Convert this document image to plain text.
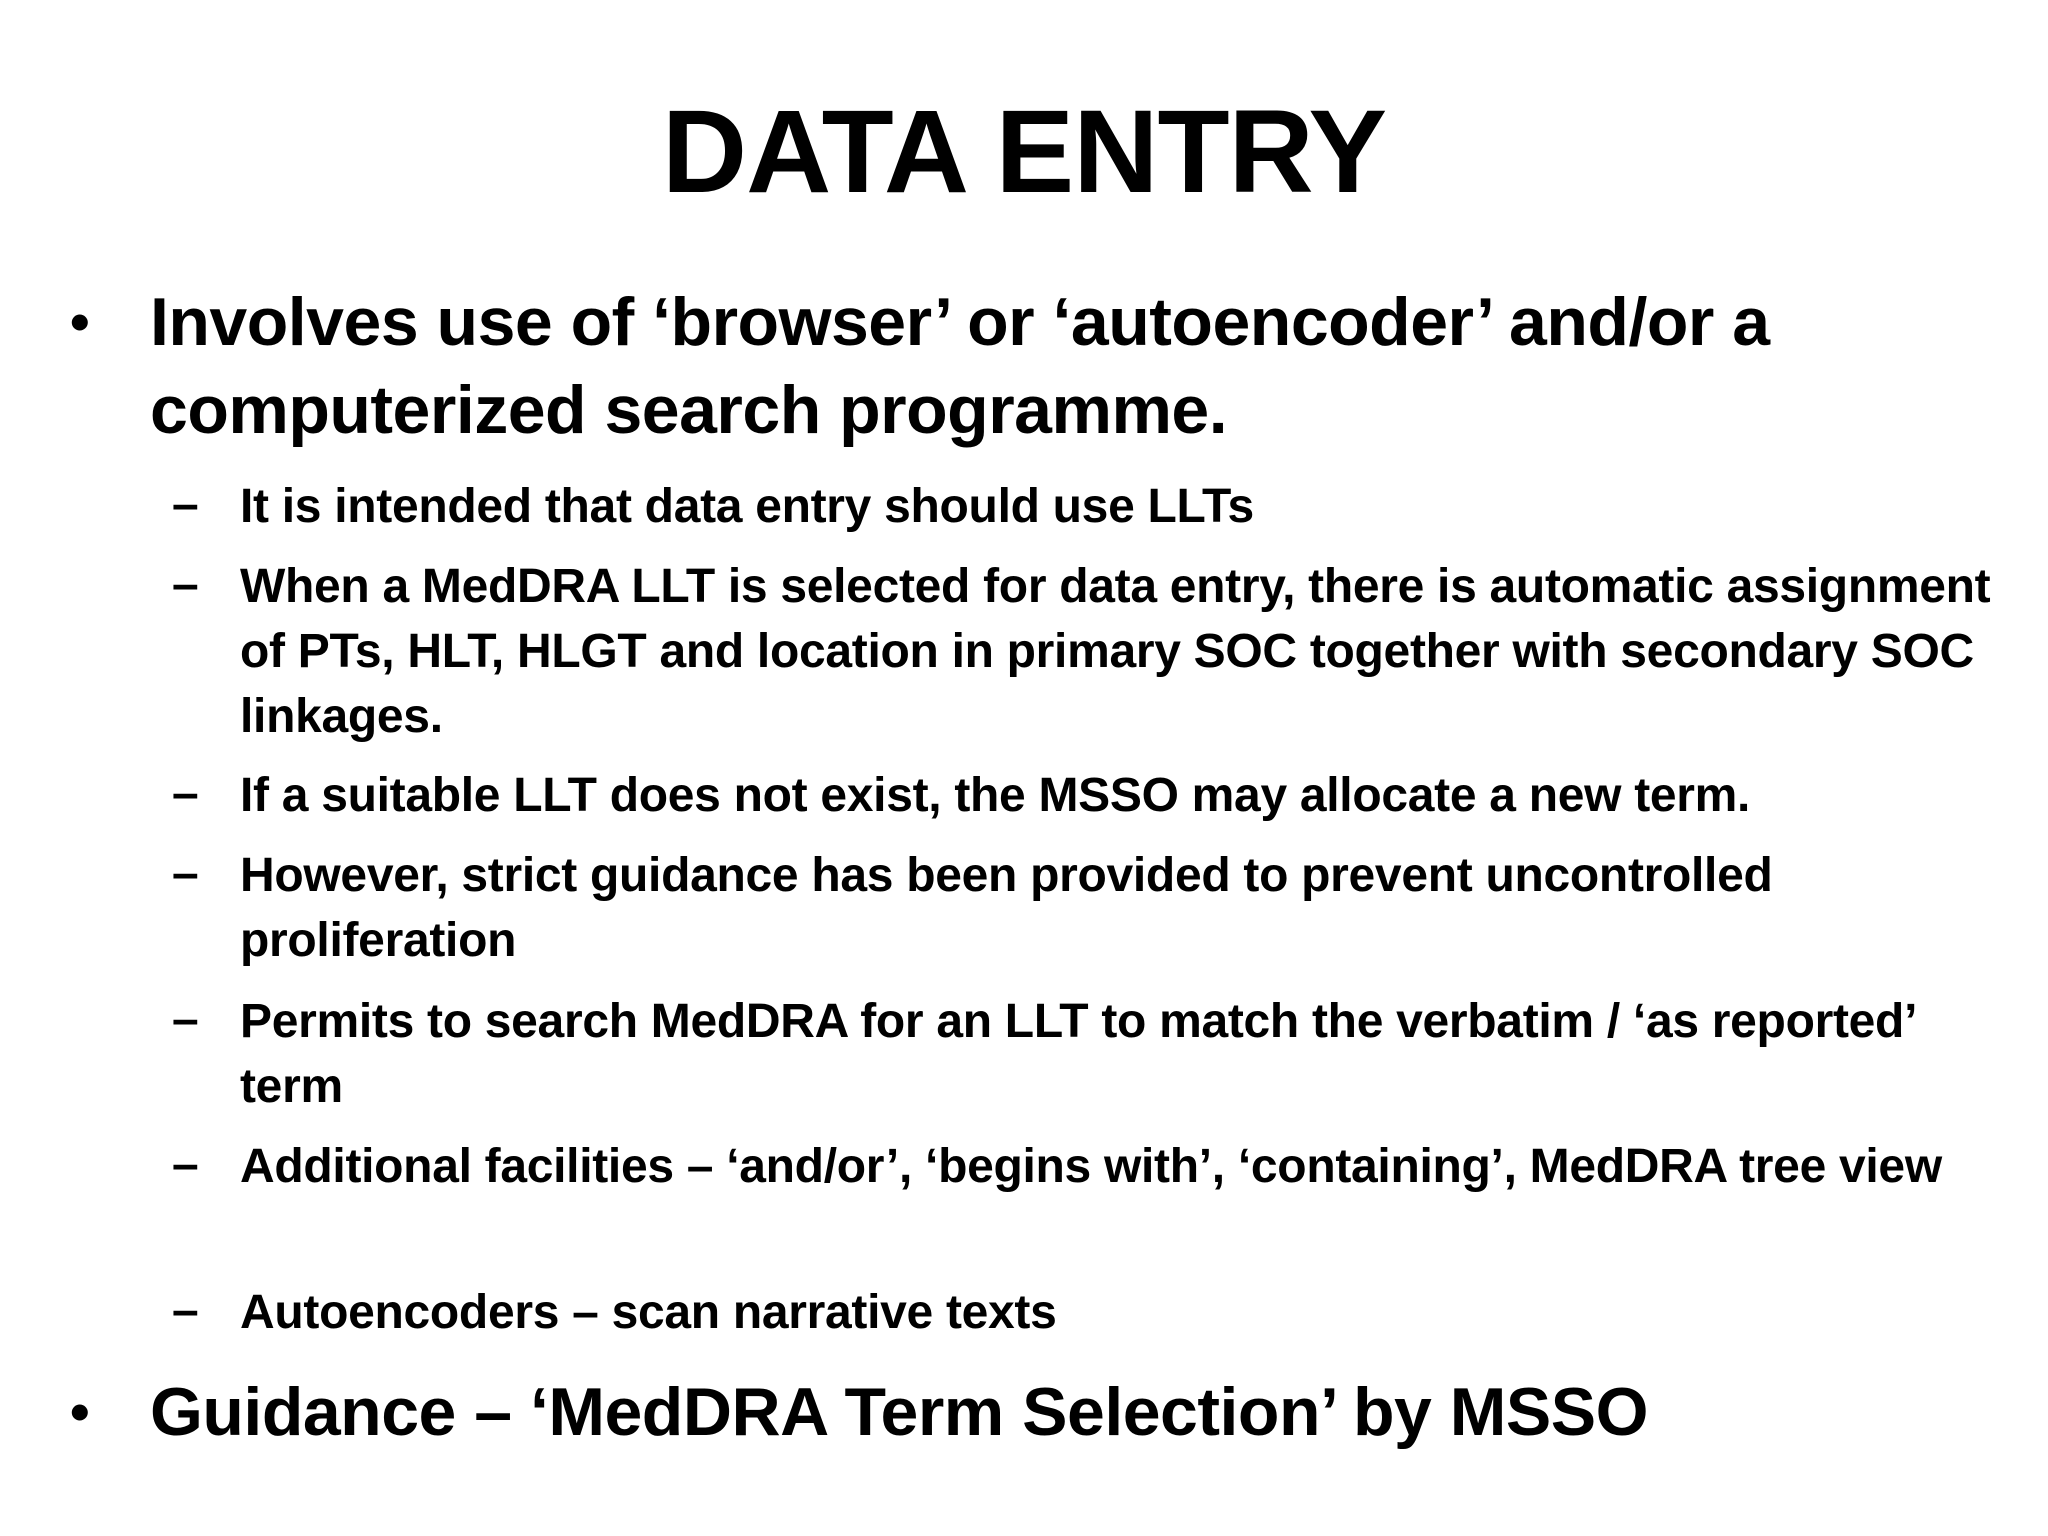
DATA ENTRY
• Involves use of ‘browser’ or ‘autoencoder’ and/or a computerized search programme.
– It is intended that data entry should use LLTs
– When a MedDRA LLT is selected for data entry, there is automatic assignment of PTs, HLT, HLGT and location in primary SOC together with secondary SOC linkages.
– If a suitable LLT does not exist, the MSSO may allocate a new term.
– However, strict guidance has been provided to prevent uncontrolled proliferation
– Permits to search MedDRA for an LLT to match the verbatim / ‘as reported’ term
– Additional facilities – ‘and/or’, ‘begins with’, ‘containing’, MedDRA tree view
– Autoencoders – scan narrative texts
• Guidance – ‘MedDRA Term Selection’ by MSSO
